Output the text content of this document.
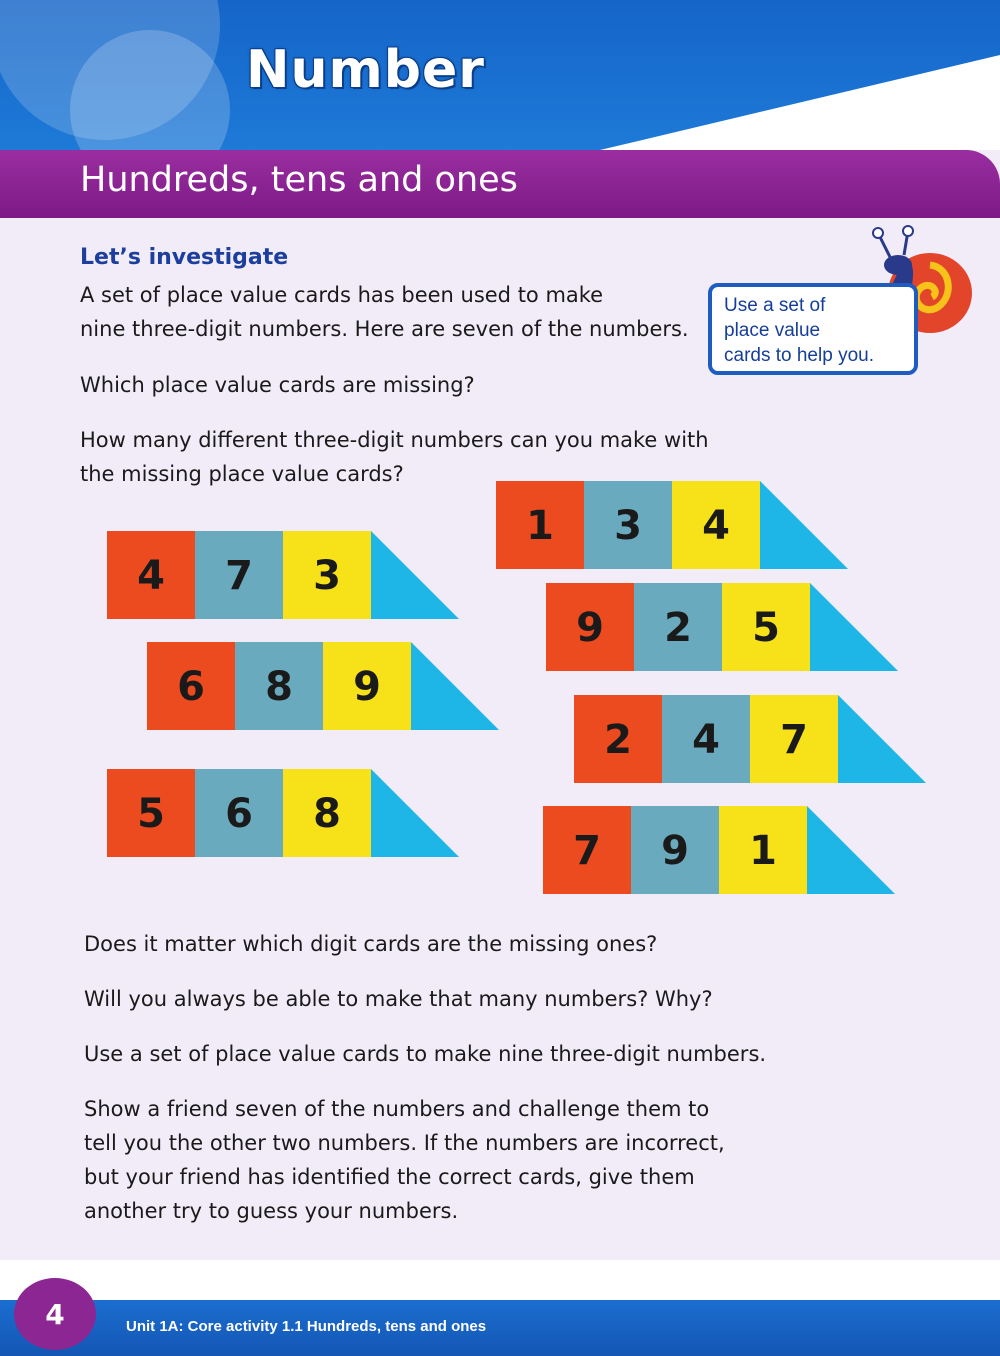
Number
Hundreds, tens and ones
Let’s investigate

A set of place value cards has been used to make

nine three-digit numbers. Here are seven of the numbers.

Which place value cards are missing?

How many different three-digit numbers can you make with

the missing place value cards?

Use a set of
place value
cards to help you.
1 3 4
4 7 3
9 2 5
6 8 9
2 4 7
5 6 8
7 9 1

Does it matter which digit cards are the missing ones?

Will you always be able to make that many numbers? Why?

Use a set of place value cards to make nine three-digit numbers.

Show a friend seven of the numbers and challenge them to

tell you the other two numbers. If the numbers are incorrect,

but your friend has identified the correct cards, give them

another try to guess your numbers.

4	Unit 1A: Core activity 1.1 Hundreds, tens and ones
